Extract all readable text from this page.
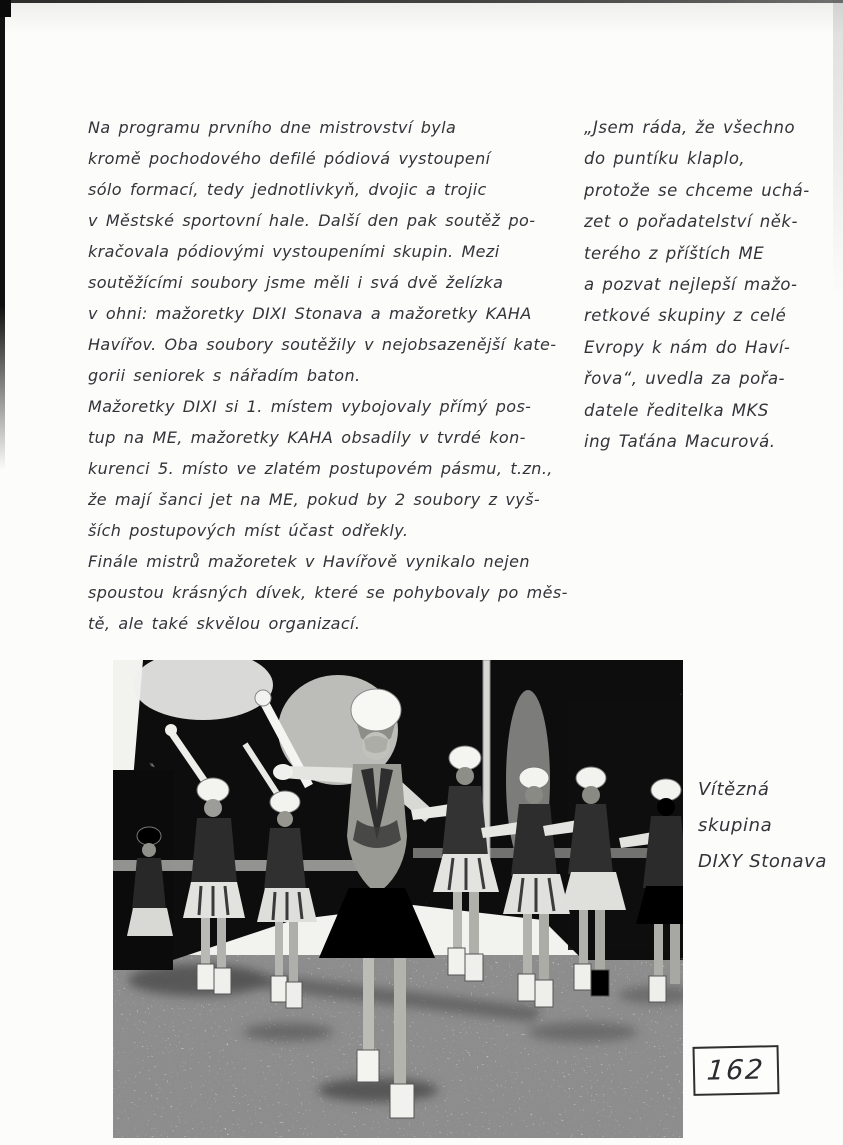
Na programu prvního dne mistrovství byla
kromě pochodového defilé pódiová vystoupení
sólo formací, tedy jednotlivkyň, dvojic a trojic
v Městské sportovní hale. Další den pak soutěž po-
kračovala pódiovými vystoupeními skupin. Mezi
soutěžícími soubory jsme měli i svá dvě želízka
v ohni: mažoretky DIXI Stonava a mažoretky KAHA
Havířov. Oba soubory soutěžily v nejobsazenější kate-
gorii seniorek s nářadím baton.
Mažoretky DIXI si 1. místem vybojovaly přímý pos-
tup na ME, mažoretky KAHA obsadily v tvrdé kon-
kurenci 5. místo ve zlatém postupovém pásmu, t.zn.,
že mají šanci jet na ME, pokud by 2 soubory z vyš-
ších postupových míst účast odřekly.
Finále mistrů mažoretek v Havířově vynikalo nejen
spoustou krásných dívek, které se pohybovaly po měs-
tě, ale také skvělou organizací.
„Jsem ráda, že všechno
do puntíku klaplo,
protože se chceme uchá-
zet o pořadatelství něk-
terého z příštích ME
a pozvat nejlepší mažo-
retkové skupiny z celé
Evropy k nám do Haví-
řova“, uvedla za pořa-
datele ředitelka MKS
ing Taťána Macurová.
Vítězná
skupina
DIXY Stonava
162
